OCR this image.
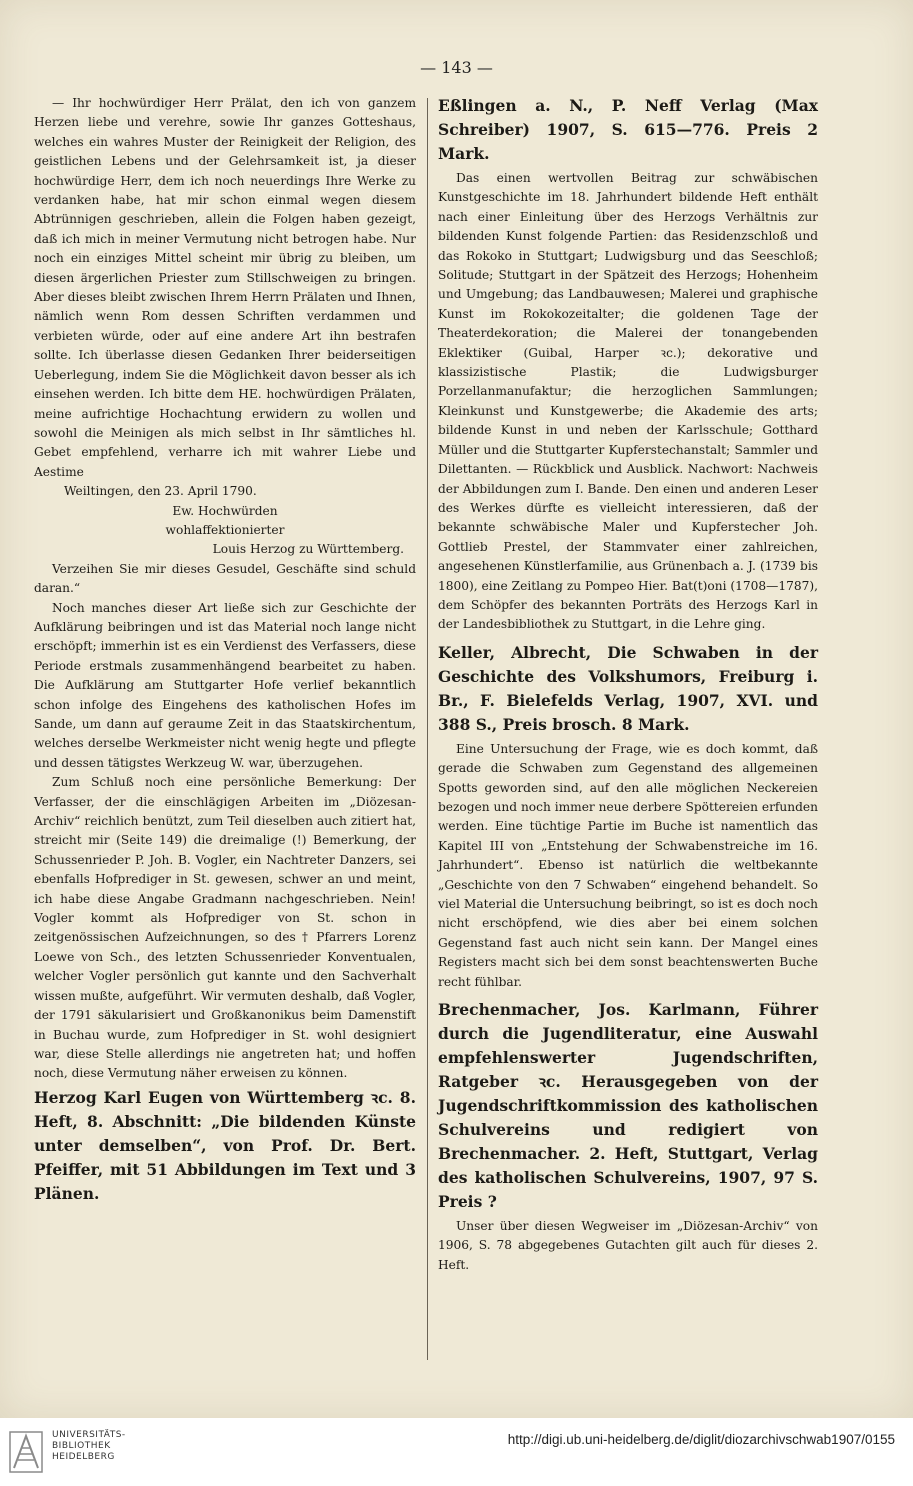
— 143 —

— Ihr hochwürdiger Herr Prälat, den ich von ganzem Herzen liebe und verehre, sowie Ihr ganzes Gotteshaus, welches ein wahres Muster der Reinigkeit der Religion, des geistlichen Lebens und der Gelehrsamkeit ist, ja dieser hochwürdige Herr, dem ich noch neuerdings Ihre Werke zu verdanken habe, hat mir schon einmal wegen diesem Abtrünnigen geschrieben, allein die Folgen haben gezeigt, daß ich mich in meiner Vermutung nicht betrogen habe. Nur noch ein einziges Mittel scheint mir übrig zu bleiben, um diesen ärgerlichen Priester zum Stillschweigen zu bringen. Aber dieses bleibt zwischen Ihrem Herrn Prälaten und Ihnen, nämlich wenn Rom dessen Schriften verdammen und verbieten würde, oder auf eine andere Art ihn bestrafen sollte. Ich überlasse diesen Gedanken Ihrer beiderseitigen Ueberlegung, indem Sie die Möglichkeit davon besser als ich einsehen werden. Ich bitte dem HE. hochwürdigen Prälaten, meine aufrichtige Hochachtung erwidern zu wollen und sowohl die Meinigen als mich selbst in Ihr sämtliches hl. Gebet empfehlend, verharre ich mit wahrer Liebe und Aestime

Weiltingen, den 23. April 1790.

Ew. Hochwürden

wohlaffektionierter

Louis Herzog zu Württemberg.

Verzeihen Sie mir dieses Gesudel, Geschäfte sind schuld daran.“

Noch manches dieser Art ließe sich zur Geschichte der Aufklärung beibringen und ist das Material noch lange nicht erschöpft; immerhin ist es ein Verdienst des Verfassers, diese Periode erstmals zusammenhängend bearbeitet zu haben. Die Aufklärung am Stuttgarter Hofe verlief bekanntlich schon infolge des Eingehens des katholischen Hofes im Sande, um dann auf geraume Zeit in das Staatskirchentum, welches derselbe Werkmeister nicht wenig hegte und pflegte und dessen tätigstes Werkzeug W. war, überzugehen.

Zum Schluß noch eine persönliche Bemerkung: Der Verfasser, der die einschlägigen Arbeiten im „Diözesan-Archiv“ reichlich benützt, zum Teil dieselben auch zitiert hat, streicht mir (Seite 149) die dreimalige (!) Bemerkung, der Schussenrieder P. Joh. B. Vogler, ein Nachtreter Danzers, sei ebenfalls Hofprediger in St. gewesen, schwer an und meint, ich habe diese Angabe Gradmann nachgeschrieben. Nein! Vogler kommt als Hofprediger von St. schon in zeitgenössischen Aufzeichnungen, so des † Pfarrers Lorenz Loewe von Sch., des letzten Schussenrieder Konventualen, welcher Vogler persönlich gut kannte und den Sachverhalt wissen mußte, aufgeführt. Wir vermuten deshalb, daß Vogler, der 1791 säkularisiert und Großkanonikus beim Damenstift in Buchau wurde, zum Hofprediger in St. wohl designiert war, diese Stelle allerdings nie angetreten hat; und hoffen noch, diese Vermutung näher erweisen zu können.

Herzog Karl Eugen von Württemberg ꝛc. 8. Heft, 8. Abschnitt: „Die bildenden Künste unter demselben“, von Prof. Dr. Bert. Pfeiffer, mit 51 Abbildungen im Text und 3 Plänen.

Eßlingen a. N., P. Neff Verlag (Max Schreiber) 1907, S. 615—776. Preis 2 Mark.

Das einen wertvollen Beitrag zur schwäbischen Kunstgeschichte im 18. Jahrhundert bildende Heft enthält nach einer Einleitung über des Herzogs Verhältnis zur bildenden Kunst folgende Partien: das Residenzschloß und das Rokoko in Stuttgart; Ludwigsburg und das Seeschloß; Solitude; Stuttgart in der Spätzeit des Herzogs; Hohenheim und Umgebung; das Landbauwesen; Malerei und graphische Kunst im Rokokozeitalter; die goldenen Tage der Theaterdekoration; die Malerei der tonangebenden Eklektiker (Guibal, Harper ꝛc.); dekorative und klassizistische Plastik; die Ludwigsburger Porzellanmanufaktur; die herzoglichen Sammlungen; Kleinkunst und Kunstgewerbe; die Akademie des arts; bildende Kunst in und neben der Karlsschule; Gotthard Müller und die Stuttgarter Kupferstechanstalt; Sammler und Dilettanten. — Rückblick und Ausblick. Nachwort: Nachweis der Abbildungen zum I. Bande. Den einen und anderen Leser des Werkes dürfte es vielleicht interessieren, daß der bekannte schwäbische Maler und Kupferstecher Joh. Gottlieb Prestel, der Stammvater einer zahlreichen, angesehenen Künstlerfamilie, aus Grünenbach a. J. (1739 bis 1800), eine Zeitlang zu Pompeo Hier. Bat(t)oni (1708—1787), dem Schöpfer des bekannten Porträts des Herzogs Karl in der Landesbibliothek zu Stuttgart, in die Lehre ging.

Keller, Albrecht, Die Schwaben in der Geschichte des Volkshumors, Freiburg i. Br., F. Bielefelds Verlag, 1907, XVI. und 388 S., Preis brosch. 8 Mark.

Eine Untersuchung der Frage, wie es doch kommt, daß gerade die Schwaben zum Gegenstand des allgemeinen Spotts geworden sind, auf den alle möglichen Neckereien bezogen und noch immer neue derbere Spöttereien erfunden werden. Eine tüchtige Partie im Buche ist namentlich das Kapitel III von „Entstehung der Schwabenstreiche im 16. Jahrhundert“. Ebenso ist natürlich die weltbekannte „Geschichte von den 7 Schwaben“ eingehend behandelt. So viel Material die Untersuchung beibringt, so ist es doch noch nicht erschöpfend, wie dies aber bei einem solchen Gegenstand fast auch nicht sein kann. Der Mangel eines Registers macht sich bei dem sonst beachtenswerten Buche recht fühlbar.

Brechenmacher, Jos. Karlmann, Führer durch die Jugendliteratur, eine Auswahl empfehlenswerter Jugendschriften, Ratgeber ꝛc. Herausgegeben von der Jugendschriftkommission des katholischen Schulvereins und redigiert von Brechenmacher. 2. Heft, Stuttgart, Verlag des katholischen Schulvereins, 1907, 97 S. Preis ?

Unser über diesen Wegweiser im „Diözesan-Archiv“ von 1906, S. 78 abgegebenes Gutachten gilt auch für dieses 2. Heft.

UNIVERSITÄTS-
BIBLIOTHEK
HEIDELBERG
http://digi.ub.uni-heidelberg.de/diglit/diozarchivschwab1907/0155
